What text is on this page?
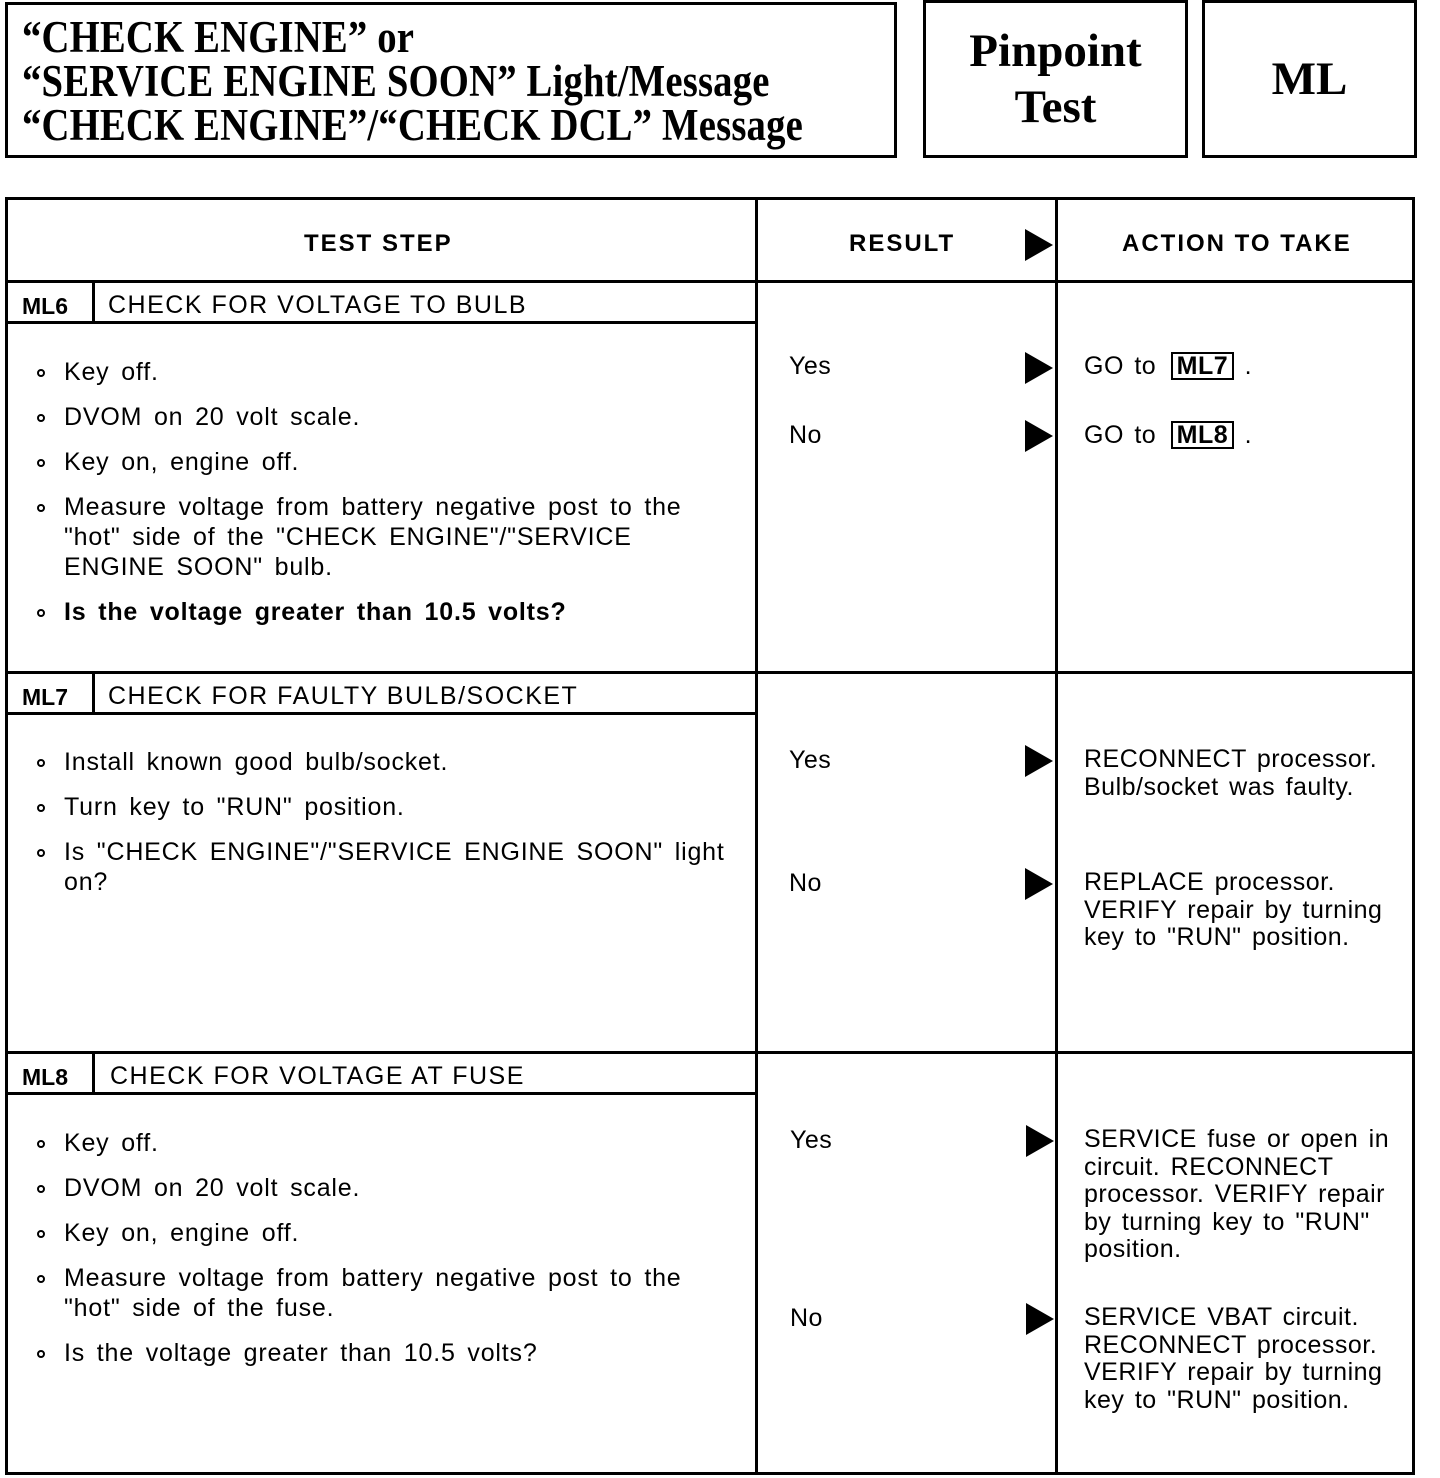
“CHECK ENGINE” or
“SERVICE ENGINE SOON” Light/Message
“CHECK ENGINE”/“CHECK DCL” Message
Pinpoint
Test
ML
TEST STEP	RESULT	ACTION TO TAKE
ML6 CHECK FOR VOLTAGE TO BULB
Key off.
DVOM on 20 volt scale.
Key on, engine off.
Measure voltage from battery negative post to the "hot" side of the "CHECK ENGINE"/"SERVICE ENGINE SOON" bulb.
Is the voltage greater than 10.5 volts?
Yes	GO to ML7 .
No	GO to ML8 .
ML7 CHECK FOR FAULTY BULB/SOCKET
Install known good bulb/socket.
Turn key to "RUN" position.
Is "CHECK ENGINE"/"SERVICE ENGINE SOON" light on?
Yes	RECONNECT processor. Bulb/socket was faulty.
No	REPLACE processor. VERIFY repair by turning key to "RUN" position.
ML8 CHECK FOR VOLTAGE AT FUSE
Key off.
DVOM on 20 volt scale.
Key on, engine off.
Measure voltage from battery negative post to the "hot" side of the fuse.
Is the voltage greater than 10.5 volts?
Yes	SERVICE fuse or open in circuit. RECONNECT processor. VERIFY repair by turning key to "RUN" position.
No	SERVICE VBAT circuit. RECONNECT processor. VERIFY repair by turning key to "RUN" position.
